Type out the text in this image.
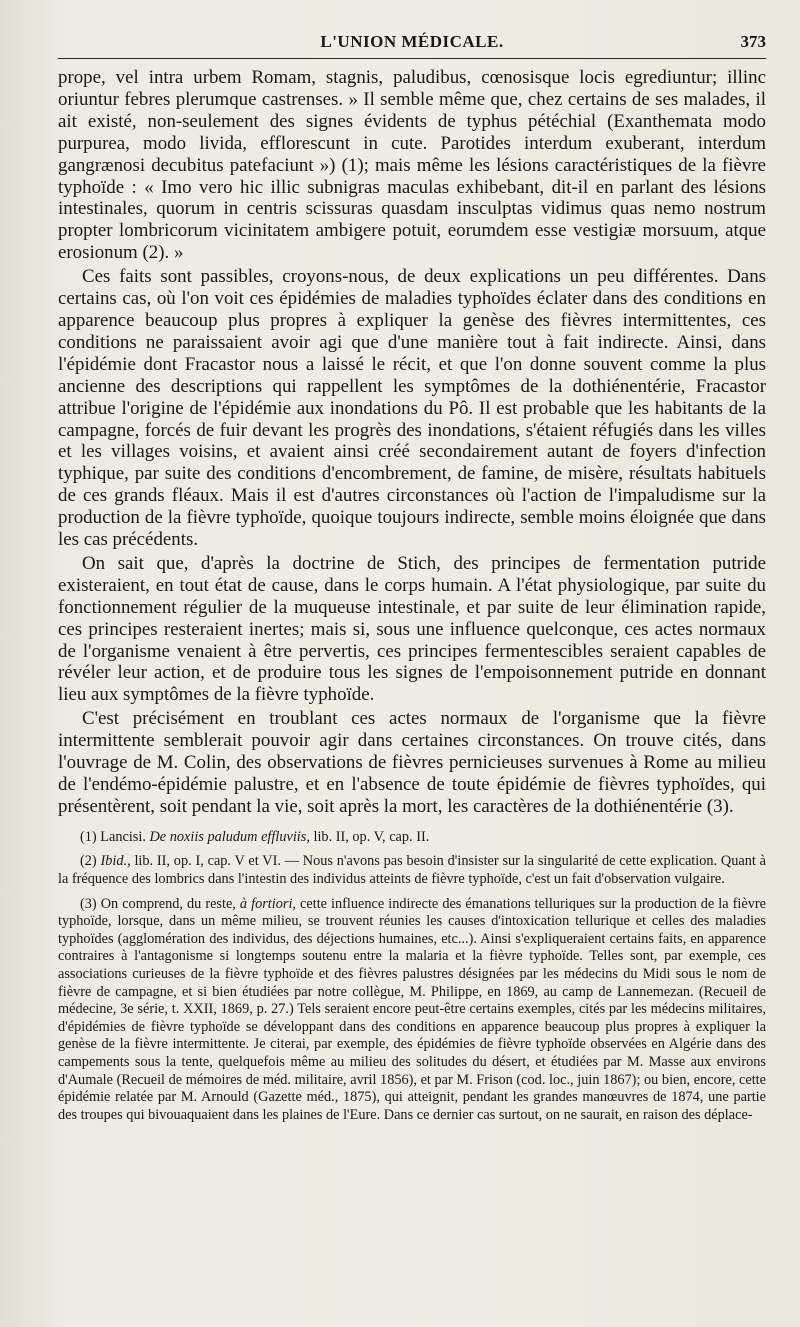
L'UNION MÉDICALE.	373

prope, vel intra urbem Romam, stagnis, paludibus, cœnosisque locis egrediuntur; illinc oriuntur febres plerumque castrenses. » Il semble même que, chez certains de ses malades, il ait existé, non-seulement des signes évidents de typhus pétéchial (Exanthemata modo purpurea, modo livida, efflorescunt in cute. Parotides interdum exuberant, interdum gangrænosi decubitus patefaciunt ») (1); mais même les lésions caractéristiques de la fièvre typhoïde : « Imo vero hic illic subnigras maculas exhibebant, dit-il en parlant des lésions intestinales, quorum in centris scissuras quasdam insculptas vidimus quas nemo nostrum propter lombricorum vicinitatem ambigere potuit, eorumdem esse vestigiæ morsuum, atque erosionum (2). »

Ces faits sont passibles, croyons-nous, de deux explications un peu différentes. Dans certains cas, où l'on voit ces épidémies de maladies typhoïdes éclater dans des conditions en apparence beaucoup plus propres à expliquer la genèse des fièvres intermittentes, ces conditions ne paraissaient avoir agi que d'une manière tout à fait indirecte. Ainsi, dans l'épidémie dont Fracastor nous a laissé le récit, et que l'on donne souvent comme la plus ancienne des descriptions qui rappellent les symptômes de la dothiénentérie, Fracastor attribue l'origine de l'épidémie aux inondations du Pô. Il est probable que les habitants de la campagne, forcés de fuir devant les progrès des inondations, s'étaient réfugiés dans les villes et les villages voisins, et avaient ainsi créé secondairement autant de foyers d'infection typhique, par suite des conditions d'encombrement, de famine, de misère, résultats habituels de ces grands fléaux. Mais il est d'autres circonstances où l'action de l'impaludisme sur la production de la fièvre typhoïde, quoique toujours indirecte, semble moins éloignée que dans les cas précédents.

On sait que, d'après la doctrine de Stich, des principes de fermentation putride existeraient, en tout état de cause, dans le corps humain. A l'état physiologique, par suite du fonctionnement régulier de la muqueuse intestinale, et par suite de leur élimination rapide, ces principes resteraient inertes; mais si, sous une influence quelconque, ces actes normaux de l'organisme venaient à être pervertis, ces principes fermentescibles seraient capables de révéler leur action, et de produire tous les signes de l'empoisonnement putride en donnant lieu aux symptômes de la fièvre typhoïde.

C'est précisément en troublant ces actes normaux de l'organisme que la fièvre intermittente semblerait pouvoir agir dans certaines circonstances. On trouve cités, dans l'ouvrage de M. Colin, des observations de fièvres pernicieuses survenues à Rome au milieu de l'endémo-épidémie palustre, et en l'absence de toute épidémie de fièvres typhoïdes, qui présentèrent, soit pendant la vie, soit après la mort, les caractères de la dothiénentérie (3).

(1) Lancisi. De noxiis paludum effluviis, lib. II, op. V, cap. II.

(2) Ibid., lib. II, op. I, cap. V et VI. — Nous n'avons pas besoin d'insister sur la singularité de cette explication. Quant à la fréquence des lombrics dans l'intestin des individus atteints de fièvre typhoïde, c'est un fait d'observation vulgaire.

(3) On comprend, du reste, à fortiori, cette influence indirecte des émanations telluriques sur la production de la fièvre typhoïde, lorsque, dans un même milieu, se trouvent réunies les causes d'intoxication tellurique et celles des maladies typhoïdes (agglomération des individus, des déjections humaines, etc...). Ainsi s'expliqueraient certains faits, en apparence contraires à l'antagonisme si longtemps soutenu entre la malaria et la fièvre typhoïde. Telles sont, par exemple, ces associations curieuses de la fièvre typhoïde et des fièvres palustres désignées par les médecins du Midi sous le nom de fièvre de campagne, et si bien étudiées par notre collègue, M. Philippe, en 1869, au camp de Lannemezan. (Recueil de médecine, 3e série, t. XXII, 1869, p. 27.) Tels seraient encore peut-être certains exemples, cités par les médecins militaires, d'épidémies de fièvre typhoïde se développant dans des conditions en apparence beaucoup plus propres à expliquer la genèse de la fièvre intermittente. Je citerai, par exemple, des épidémies de fièvre typhoïde observées en Algérie dans des campements sous la tente, quelquefois même au milieu des solitudes du désert, et étudiées par M. Masse aux environs d'Aumale (Recueil de mémoires de méd. militaire, avril 1856), et par M. Frison (cod. loc., juin 1867); ou bien, encore, cette épidémie relatée par M. Arnould (Gazette méd., 1875), qui atteignit, pendant les grandes manœuvres de 1874, une partie des troupes qui bivouaquaient dans les plaines de l'Eure. Dans ce dernier cas surtout, on ne saurait, en raison des déplace-
